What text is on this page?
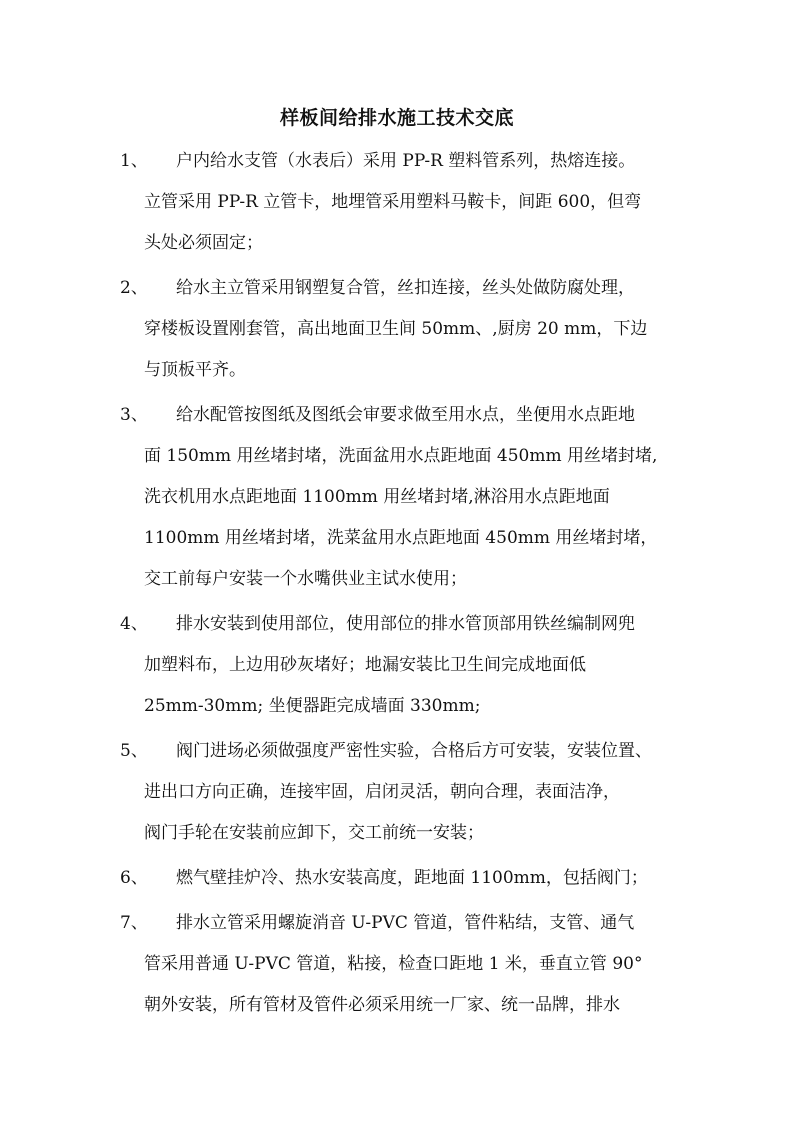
样板间给排水施工技术交底
1、	户内给水支管（水表后）采用 PP-R 塑料管系列，热熔连接。
立管采用 PP-R 立管卡，地埋管采用塑料马鞍卡，间距 600，但弯
头处必须固定；
2、	给水主立管采用钢塑复合管，丝扣连接，丝头处做防腐处理，
穿楼板设置刚套管，高出地面卫生间 50mm、,厨房 20 mm，下边
与顶板平齐。
3、	给水配管按图纸及图纸会审要求做至用水点，坐便用水点距地
面 150mm 用丝堵封堵，洗面盆用水点距地面 450mm 用丝堵封堵,
洗衣机用水点距地面 1100mm 用丝堵封堵,淋浴用水点距地面
1100mm 用丝堵封堵，洗菜盆用水点距地面 450mm 用丝堵封堵，
交工前每户安装一个水嘴供业主试水使用；
4、	排水安装到使用部位，使用部位的排水管顶部用铁丝编制网兜
加塑料布，上边用砂灰堵好；地漏安装比卫生间完成地面低
25mm-30mm; 坐便器距完成墙面 330mm;
5、	阀门进场必须做强度严密性实验，合格后方可安装，安装位置、
进出口方向正确，连接牢固，启闭灵活，朝向合理，表面洁净，
阀门手轮在安装前应卸下，交工前统一安装；
6、	燃气壁挂炉冷、热水安装高度，距地面 1100mm，包括阀门；
7、	排水立管采用螺旋消音 U-PVC 管道，管件粘结，支管、通气
管采用普通 U-PVC 管道，粘接，检查口距地 1 米，垂直立管 90°
朝外安装，所有管材及管件必须采用统一厂家、统一品牌，排水
